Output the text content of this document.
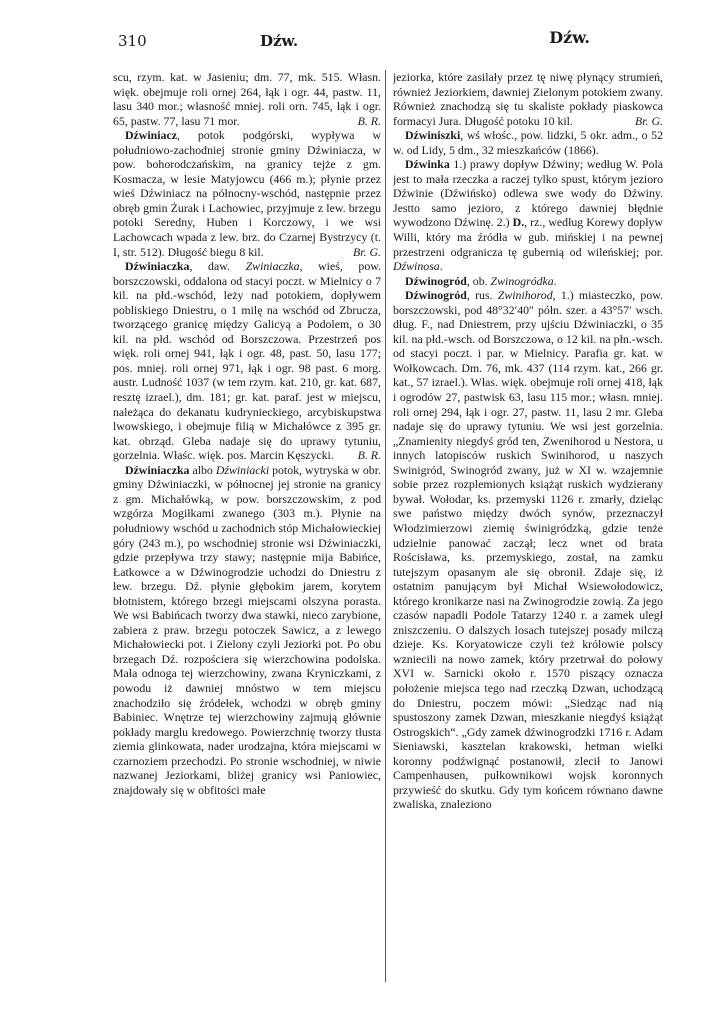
310	Dźw.	Dźw.

scu, rzym. kat. w Jasieniu; dm. 77, mk. 515. Własn. więk. obejmuje roli ornej 264, łąk i ogr. 44, pastw. 11, lasu 340 mor.; własność mniej. roli orn. 745, łąk i ogr. 65, pastw. 77, lasu 71 mor.	B. R.

Dźwiniacz, potok podgórski, wypływa w południowo-zachodniej stronie gminy Dźwiniacza, w pow. bohorodczańskim, na granicy tejże z gm. Kosmacza, w lesie Matyjowcu (466 m.); płynie przez wieś Dźwiniacz na północny-wschód, następnie przez obręb gmin Żurak i Lachowiec, przyjmuje z lew. brzegu potoki Seredny, Huben i Korczowy, i we wsi Lachowcach wpada z lew. brz. do Czarnej Bystrzycy (t. I, str. 512). Długość biegu 8 kil.	Br. G.

Dźwiniaczka, daw. Zwiniaczka, wieś, pow. borszczowski, oddalona od stacyi poczt. w Mielnicy o 7 kil. na płd.-wschód, leży nad potokiem, dopływem pobliskiego Dniestru, o 1 milę na wschód od Zbrucza, tworzącego granicę między Galicyą a Podolem, o 30 kil. na płd. wschód od Borszczowa. Przestrzeń pos więk. roli ornej 941, łąk i ogr. 48, past. 50, lasu 177; pos. mniej. roli ornej 971, łąk i ogr. 98 past. 6 morg. austr. Ludność 1037 (w tem rzym. kat. 210, gr. kat. 687, resztę izrael.), dm. 181; gr. kat. paraf. jest w miejscu, należąca do dekanatu kudrynieckiego, arcybiskupstwa lwowskiego, i obejmuje filią w Michałówce z 395 gr. kat. obrząd. Gleba nadaje się do uprawy tytuniu, gorzelnia. Właśc. więk. pos. Marcin Kęszycki.	B. R.

Dźwiniaczka albo Dźwiniacki potok, wytryska w obr. gminy Dźwiniaczki, w północnej jej stronie na granicy z gm. Michałówką, w pow. borszczowskim, z pod wzgórza Mogiłkami zwanego (303 m.). Płynie na południowy wschód u zachodnich stóp Michałowieckiej góry (243 m.), po wschodniej stronie wsi Dźwiniaczki, gdzie przepływa trzy stawy; następnie mija Babińce, Łatkowce a w Dźwinogrodzie uchodzi do Dniestru z lew. brzegu. Dź. płynie głębokim jarem, korytem błotnistem, którego brzegi miejscami olszyna porasta. We wsi Babińcach tworzy dwa stawki, nieco zarybione, zabiera z praw. brzegu potoczek Sawicz, a z lewego Michałowiecki pot. i Zielony czyli Jeziorki pot. Po obu brzegach Dź. rozpościera się wierzchowina podolska. Mała odnoga tej wierzchowiny, zwana Kryniczkami, z powodu iż dawniej mnóstwo w tem miejscu znachodziło się źródełek, wchodzi w obręb gminy Babiniec. Wnętrze tej wierzchowiny zajmują głównie pokłady marglu kredowego. Powierzchnię tworzy tłusta ziemia glinkowata, nader urodzajna, która miejscami w czarnoziem przechodzi. Po stronie wschodniej, w niwie nazwanej Jeziorkami, bliżej granicy wsi Paniowiec, znajdowały się w obfitości małe

jeziorka, które zasilały przez tę niwę płynący strumień, również Jeziorkiem, dawniej Zielonym potokiem zwany. Również znachodzą się tu skaliste pokłady piaskowca formacyi Jura. Długość potoku 10 kil.	Br. G.

Dźwiniszki, wś włośc., pow. lidzki, 5 okr. adm., o 52 w. od Lidy, 5 dm., 32 mieszkańców (1866).

Dźwinka 1.) prawy dopływ Dźwiny; według W. Pola jest to mała rzeczka a raczej tylko spust, którym jezioro Dźwinie (Dźwińsko) odlewa swe wody do Dźwiny. Jestto samo jezioro, z którego dawniej błędnie wywodzono Dźwinę. 2.) D., rz., według Korewy dopływ Willi, który ma źródła w gub. mińskiej i na pewnej przestrzeni odgranicza tę gubernią od wileńskiej; por. Dźwinosa.

Dźwinogród, ob. Zwinogródka.

Dźwinogród, rus. Zwinihorod, 1.) miasteczko, pow. borszczowski, pod 48°32′40″ półn. szer. a 43°57′ wsch. dług. F., nad Dniestrem, przy ujściu Dźwiniaczki, o 35 kil. na płd.-wsch. od Borszczowa, o 12 kil. na płn.-wsch. od stacyi poczt. i par. w Mielnicy. Parafia gr. kat. w Wołkowcach. Dm. 76, mk. 437 (114 rzym. kat., 266 gr. kat., 57 izrael.). Włas. więk. obejmuje roli ornej 418, łąk i ogrodów 27, pastwisk 63, lasu 115 mor.; własn. mniej. roli ornej 294, łąk i ogr. 27, pastw. 11, lasu 2 mr. Gleba nadaje się do uprawy tytuniu. We wsi jest gorzelnia. „Znamienity niegdyś gród ten, Zwenihorod u Nestora, u innych latopisców ruskich Swinihorod, u naszych Swinigród, Swinogród zwany, już w XI w. wzajemnie sobie przez rozplemionych książąt ruskich wydzierany bywał. Wołodar, ks. przemyski 1126 r. zmarły, dzieląc swe państwo między dwóch synów, przeznaczył Włodzimierzowi ziemię świnigródzką, gdzie tenże udzielnie panować zaczął; lecz wnet od brata Rościsława, ks. przemyskiego, został, na zamku tutejszym opasanym ale się obronił. Zdaje się, iż ostatnim panującym był Michał Wsiewołodowicz, którego kronikarze nasi na Zwinogrodzie zowią. Za jego czasów napadli Podole Tatarzy 1240 r. a zamek uległ zniszczeniu. O dalszych losach tutejszej posady milczą dzieje. Ks. Koryatowicze czyli też królowie polscy wzniecili na nowo zamek, który przetrwał do połowy XVI w. Sarnicki około r. 1570 piszący oznacza położenie miejsca tego nad rzeczką Dzwan, uchodzącą do Dniestru, poczem mówi: „Siedząc nad nią spustoszony zamek Dzwan, mieszkanie niegdyś książąt Ostrogskich“. „Gdy zamek dźwinogrodzki 1716 r. Adam Sieniawski, kasztelan krakowski, hetman wielki koronny podźwignąć postanowił, zlecił to Janowi Campenhausen, pułkownikowi wojsk koronnych przywieść do skutku. Gdy tym końcem równano dawne zwaliska, znaleziono
